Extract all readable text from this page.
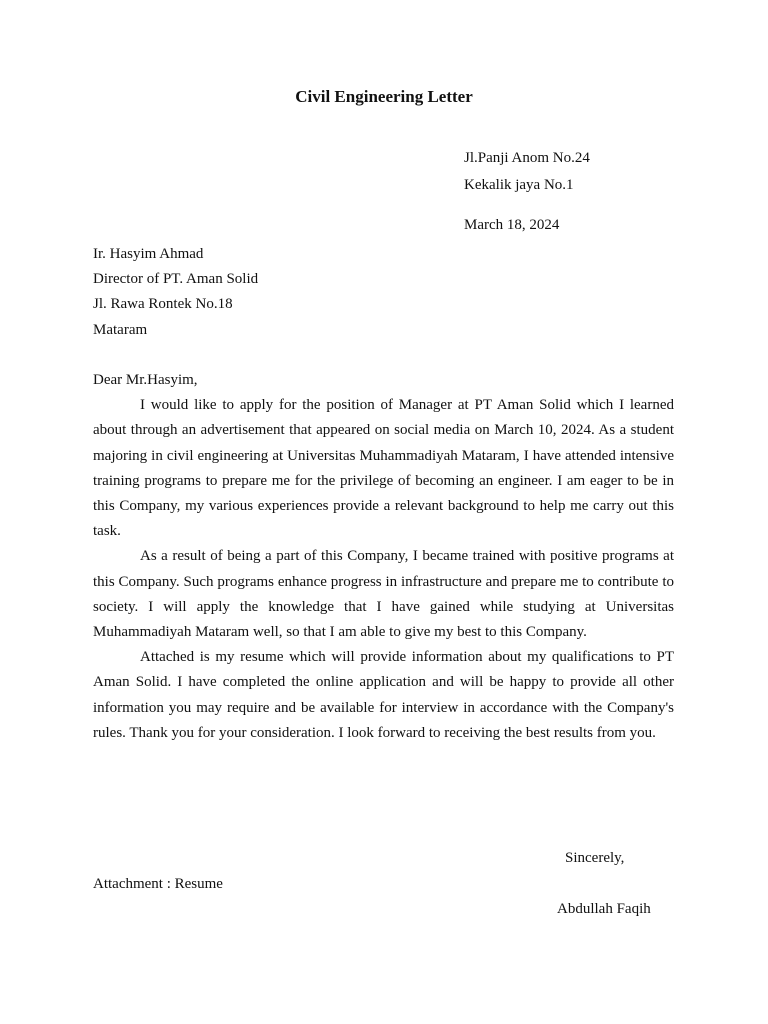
Civil Engineering Letter
Jl.Panji Anom No.24
Kekalik jaya No.1
March 18, 2024
Ir. Hasyim Ahmad
Director of PT. Aman Solid
Jl. Rawa Rontek No.18
Mataram

Dear Mr.Hasyim,

I would like to apply for the position of Manager at PT Aman Solid which I learned about through an advertisement that appeared on social media on March 10, 2024. As a student majoring in civil engineering at Universitas Muhammadiyah Mataram, I have attended intensive training programs to prepare me for the privilege of becoming an engineer. I am eager to be in this Company, my various experiences provide a relevant background to help me carry out this task.

As a result of being a part of this Company, I became trained with positive programs at this Company. Such programs enhance progress in infrastructure and prepare me to contribute to society. I will apply the knowledge that I have gained while studying at Universitas Muhammadiyah Mataram well, so that I am able to give my best to this Company.

Attached is my resume which will provide information about my qualifications to PT Aman Solid. I have completed the online application and will be happy to provide all other information you may require and be available for interview in accordance with the Company's rules. Thank you for your consideration. I look forward to receiving the best results from you.

Sincerely,
Attachment : Resume
Abdullah Faqih
